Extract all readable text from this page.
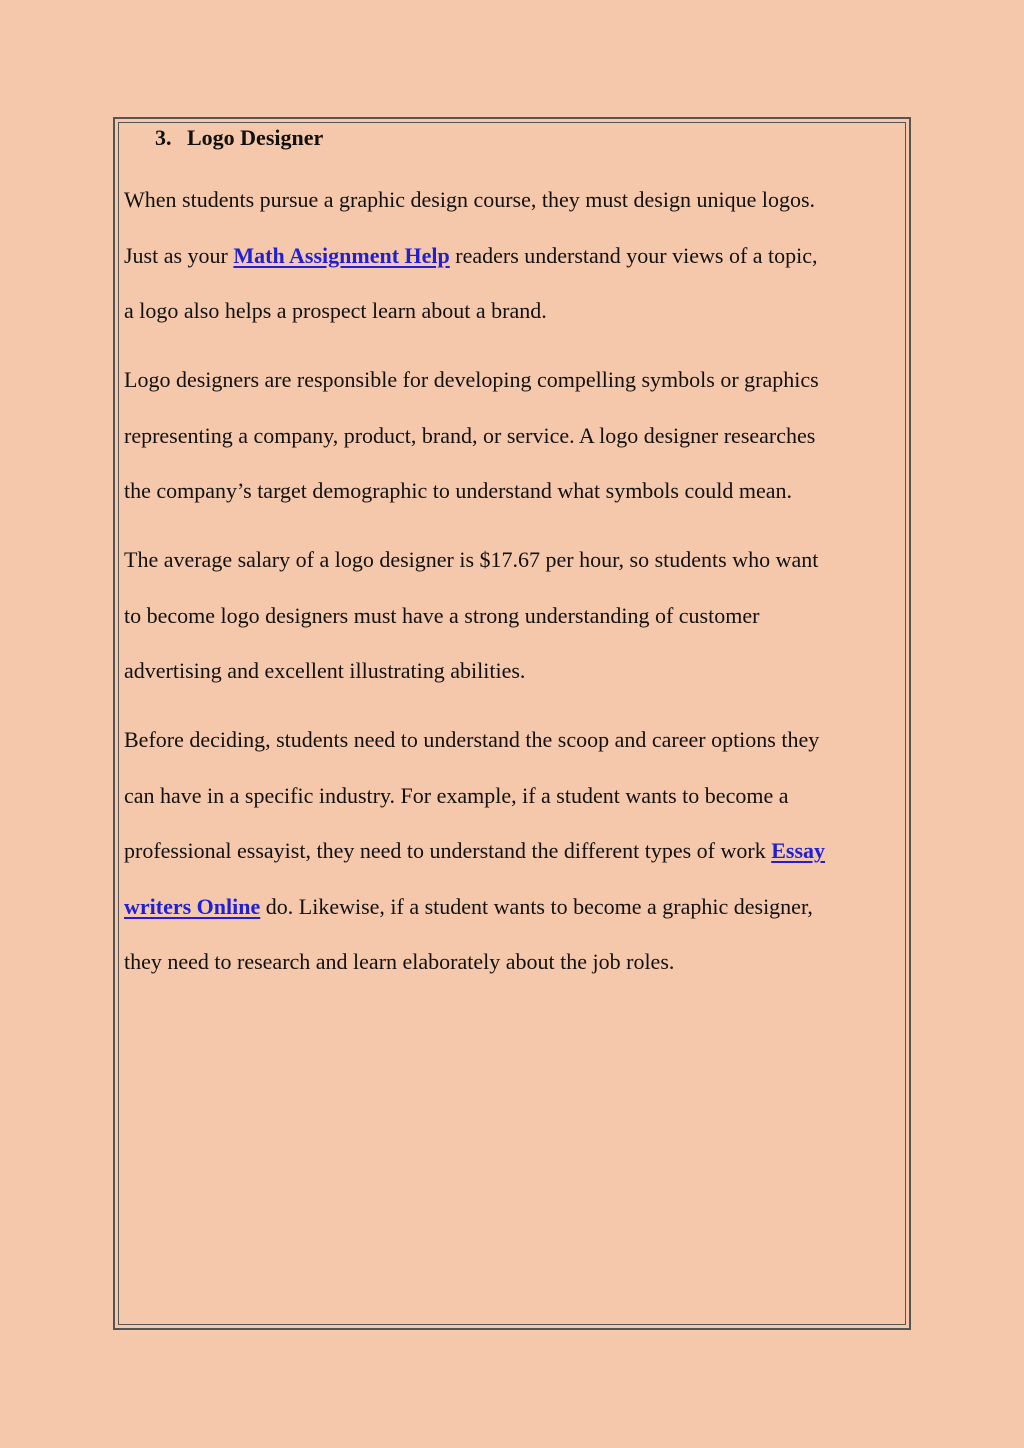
3. Logo Designer

When students pursue a graphic design course, they must design unique logos.
Just as your Math Assignment Help readers understand your views of a topic,
a logo also helps a prospect learn about a brand.

Logo designers are responsible for developing compelling symbols or graphics
representing a company, product, brand, or service. A logo designer researches
the company’s target demographic to understand what symbols could mean.

The average salary of a logo designer is $17.67 per hour, so students who want
to become logo designers must have a strong understanding of customer
advertising and excellent illustrating abilities.

Before deciding, students need to understand the scoop and career options they
can have in a specific industry. For example, if a student wants to become a
professional essayist, they need to understand the different types of work Essay
writers Online do. Likewise, if a student wants to become a graphic designer,
they need to research and learn elaborately about the job roles.
